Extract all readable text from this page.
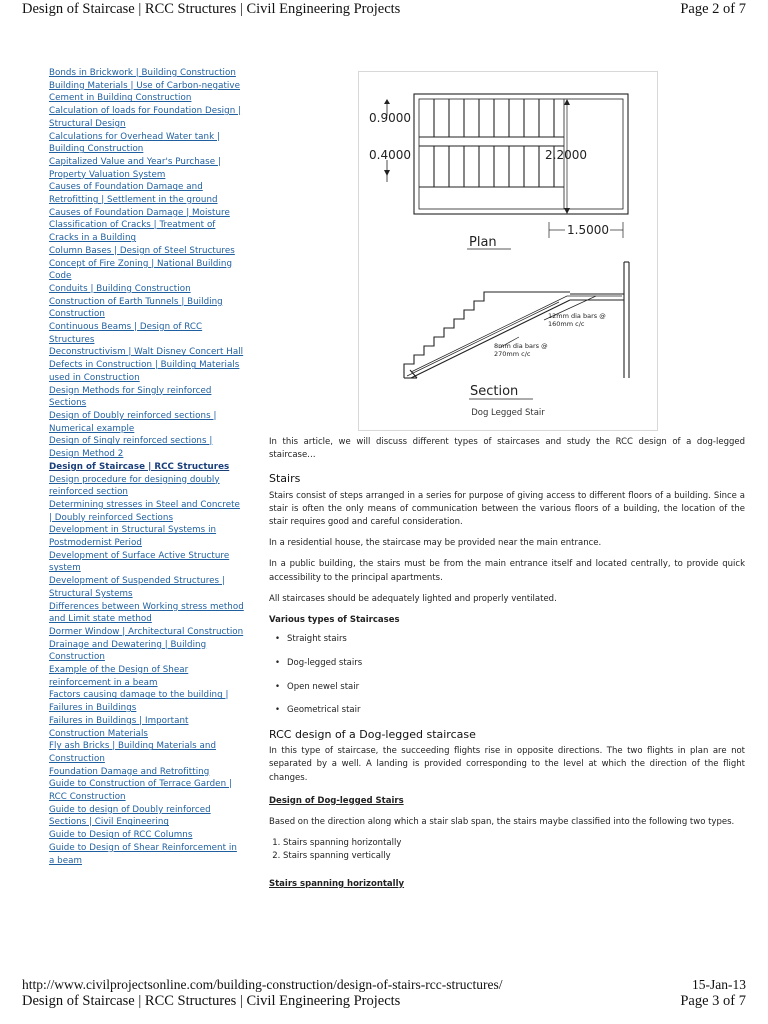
Design of Staircase | RCC Structures | Civil Engineering Projects	Page 2 of 7
Bonds in Brickwork | Building Construction
Building Materials | Use of Carbon-negative Cement in Building Construction
Calculation of loads for Foundation Design | Structural Design
Calculations for Overhead Water tank | Building Construction
Capitalized Value and Year's Purchase | Property Valuation System
Causes of Foundation Damage and Retrofitting | Settlement in the ground
Causes of Foundation Damage | Moisture
Classification of Cracks | Treatment of Cracks in a Building
Column Bases | Design of Steel Structures
Concept of Fire Zoning | National Building Code
Conduits | Building Construction
Construction of Earth Tunnels | Building Construction
Continuous Beams | Design of RCC Structures
Deconstructivism | Walt Disney Concert Hall
Defects in Construction | Building Materials used in Construction
Design Methods for Singly reinforced Sections
Design of Doubly reinforced sections | Numerical example
Design of Singly reinforced sections | Design Method 2
Design of Staircase | RCC Structures
Design procedure for designing doubly reinforced section
Determining stresses in Steel and Concrete | Doubly reinforced Sections
Development in Structural Systems in Postmodernist Period
Development of Surface Active Structure system
Development of Suspended Structures | Structural Systems
Differences between Working stress method and Limit state method
Dormer Window | Architectural Construction
Drainage and Dewatering | Building Construction
Example of the Design of Shear reinforcement in a beam
Factors causing damage to the building | Failures in Buildings
Failures in Buildings | Important Construction Materials
Fly ash Bricks | Building Materials and Construction
Foundation Damage and Retrofitting
Guide to Construction of Terrace Garden | RCC Construction
Guide to design of Doubly reinforced Sections | Civil Engineering
Guide to Design of RCC Columns
Guide to Design of Shear Reinforcement in a beam
0.9000
0.4000	2.2000
1.5000
Plan
12mm dia bars @
160mm c/c
8mm dia bars @
270mm c/c
Section
Dog Legged Stair

In this article, we will discuss different types of staircases and study the RCC design of a dog-legged staircase…

Stairs

Stairs consist of steps arranged in a series for purpose of giving access to different floors of a building. Since a stair is often the only means of communication between the various floors of a building, the location of the stair requires good and careful consideration.

In a residential house, the staircase may be provided near the main entrance.

In a public building, the stairs must be from the main entrance itself and located centrally, to provide quick accessibility to the principal apartments.

All staircases should be adequately lighted and properly ventilated.

Various types of Staircases
• Straight stairs
• Dog-legged stairs
• Open newel stair
• Geometrical stair
RCC design of a Dog-legged staircase

In this type of staircase, the succeeding flights rise in opposite directions. The two flights in plan are not separated by a well. A landing is provided corresponding to the level at which the direction of the flight changes.

Design of Dog-legged Stairs

Based on the direction along which a stair slab span, the stairs maybe classified into the following two types.

1. Stairs spanning horizontally
2. Stairs spanning vertically
Stairs spanning horizontally
http://www.civilprojectsonline.com/building-construction/design-of-stairs-rcc-structures/	15-Jan-13
Design of Staircase | RCC Structures | Civil Engineering Projects	Page 3 of 7
